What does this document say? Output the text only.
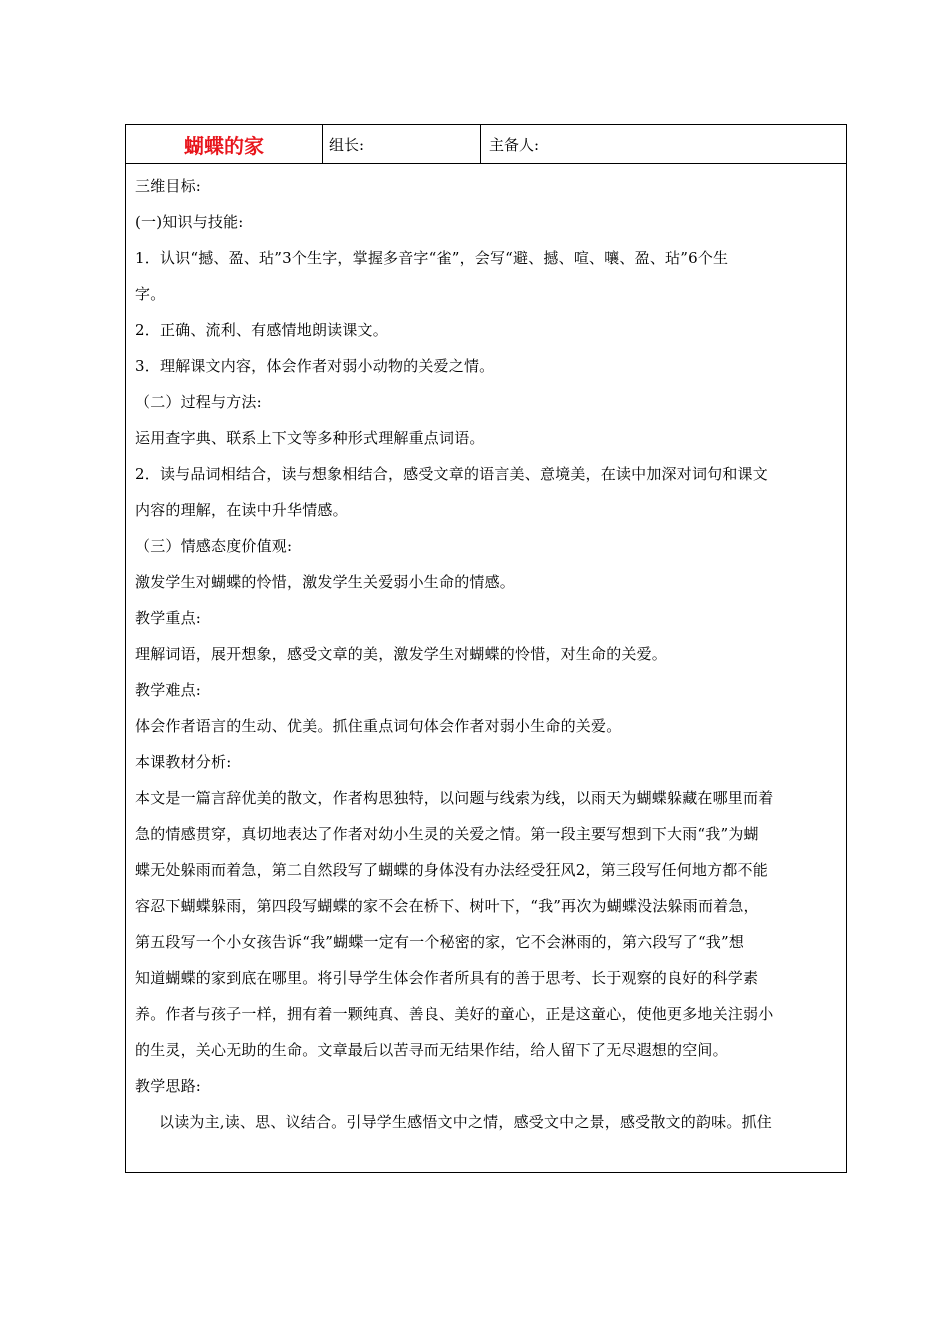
蝴蝶的家	组长:	主备人:
三维目标:
(一)知识与技能:
1．认识“撼、盈、玷”3个生字，掌握多音字“雀”，会写“避、撼、喧、嚷、盈、玷”6个生
字。
2．正确、流利、有感情地朗读课文。
3．理解课文内容，体会作者对弱小动物的关爱之情。
（二）过程与方法:
运用查字典、联系上下文等多种形式理解重点词语。
2．读与品词相结合，读与想象相结合，感受文章的语言美、意境美，在读中加深对词句和课文
内容的理解，在读中升华情感。
（三）情感态度价值观:
激发学生对蝴蝶的怜惜，激发学生关爱弱小生命的情感。
教学重点:
理解词语，展开想象，感受文章的美，激发学生对蝴蝶的怜惜，对生命的关爱。
教学难点:
体会作者语言的生动、优美。抓住重点词句体会作者对弱小生命的关爱。
本课教材分析:
本文是一篇言辞优美的散文，作者构思独特，以问题与线索为线，以雨天为蝴蝶躲藏在哪里而着
急的情感贯穿，真切地表达了作者对幼小生灵的关爱之情。第一段主要写想到下大雨“我”为蝴
蝶无处躲雨而着急，第二自然段写了蝴蝶的身体没有办法经受狂风2，第三段写任何地方都不能
容忍下蝴蝶躲雨，第四段写蝴蝶的家不会在桥下、树叶下，“我”再次为蝴蝶没法躲雨而着急，
第五段写一个小女孩告诉“我”蝴蝶一定有一个秘密的家，它不会淋雨的，第六段写了“我”想
知道蝴蝶的家到底在哪里。将引导学生体会作者所具有的善于思考、长于观察的良好的科学素
养。作者与孩子一样，拥有着一颗纯真、善良、美好的童心，正是这童心，使他更多地关注弱小
的生灵，关心无助的生命。文章最后以苦寻而无结果作结，给人留下了无尽遐想的空间。
教学思路:
以读为主,读、思、议结合。引导学生感悟文中之情，感受文中之景，感受散文的韵味。抓住
